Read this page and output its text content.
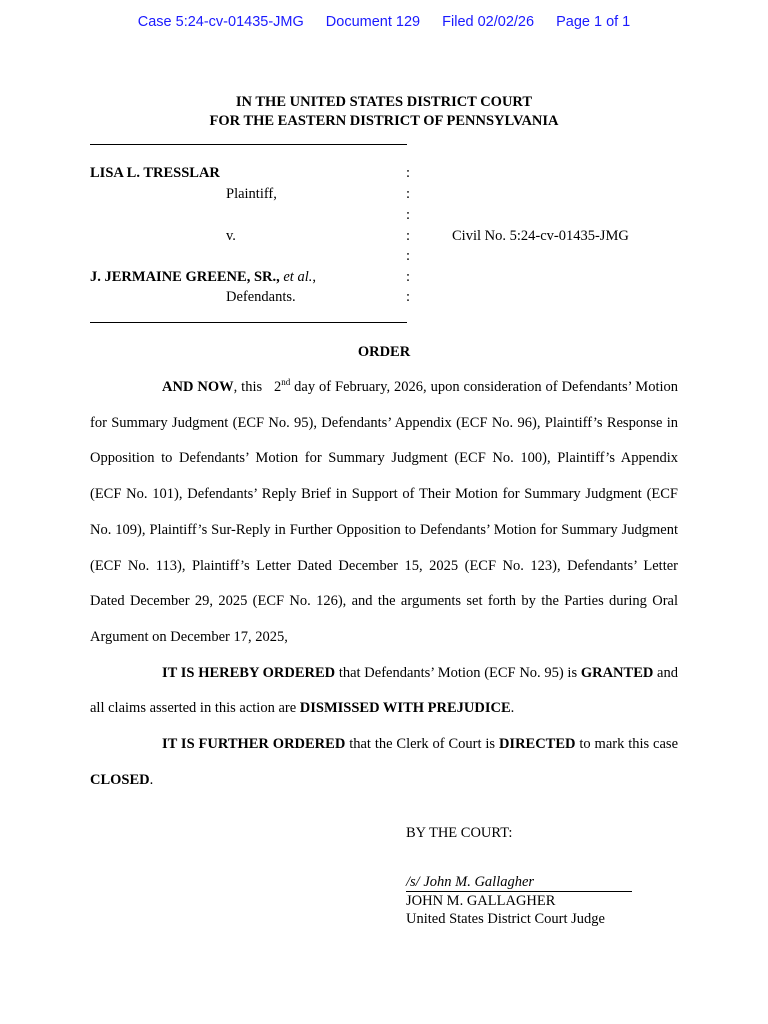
Case 5:24-cv-01435-JMG Document 129 Filed 02/02/26 Page 1 of 1
IN THE UNITED STATES DISTRICT COURT
FOR THE EASTERN DISTRICT OF PENNSYLVANIA
LISA L. TRESSLAR
Plaintiff,
v.	Civil No. 5:24-cv-01435-JMG
J. JERMAINE GREENE, SR., et al.,
Defendants.
:
:
:
:
:
:
:
ORDER

AND NOW, this   2nd day of February, 2026, upon consideration of Defendants’ Motion for Summary Judgment (ECF No. 95), Defendants’ Appendix (ECF No. 96), Plaintiff’s Response in Opposition to Defendants’ Motion for Summary Judgment (ECF No. 100), Plaintiff’s Appendix (ECF No. 101), Defendants’ Reply Brief in Support of Their Motion for Summary Judgment (ECF No. 109), Plaintiff’s Sur-Reply in Further Opposition to Defendants’ Motion for Summary Judgment (ECF No. 113), Plaintiff’s Letter Dated December 15, 2025 (ECF No. 123), Defendants’ Letter Dated December 29, 2025 (ECF No. 126), and the arguments set forth by the Parties during Oral Argument on December 17, 2025,

IT IS HEREBY ORDERED that Defendants’ Motion (ECF No. 95) is GRANTED and all claims asserted in this action are DISMISSED WITH PREJUDICE.

IT IS FURTHER ORDERED that the Clerk of Court is DIRECTED to mark this case CLOSED.

BY THE COURT:
/s/ John M. Gallagher
JOHN M. GALLAGHER
United States District Court Judge
